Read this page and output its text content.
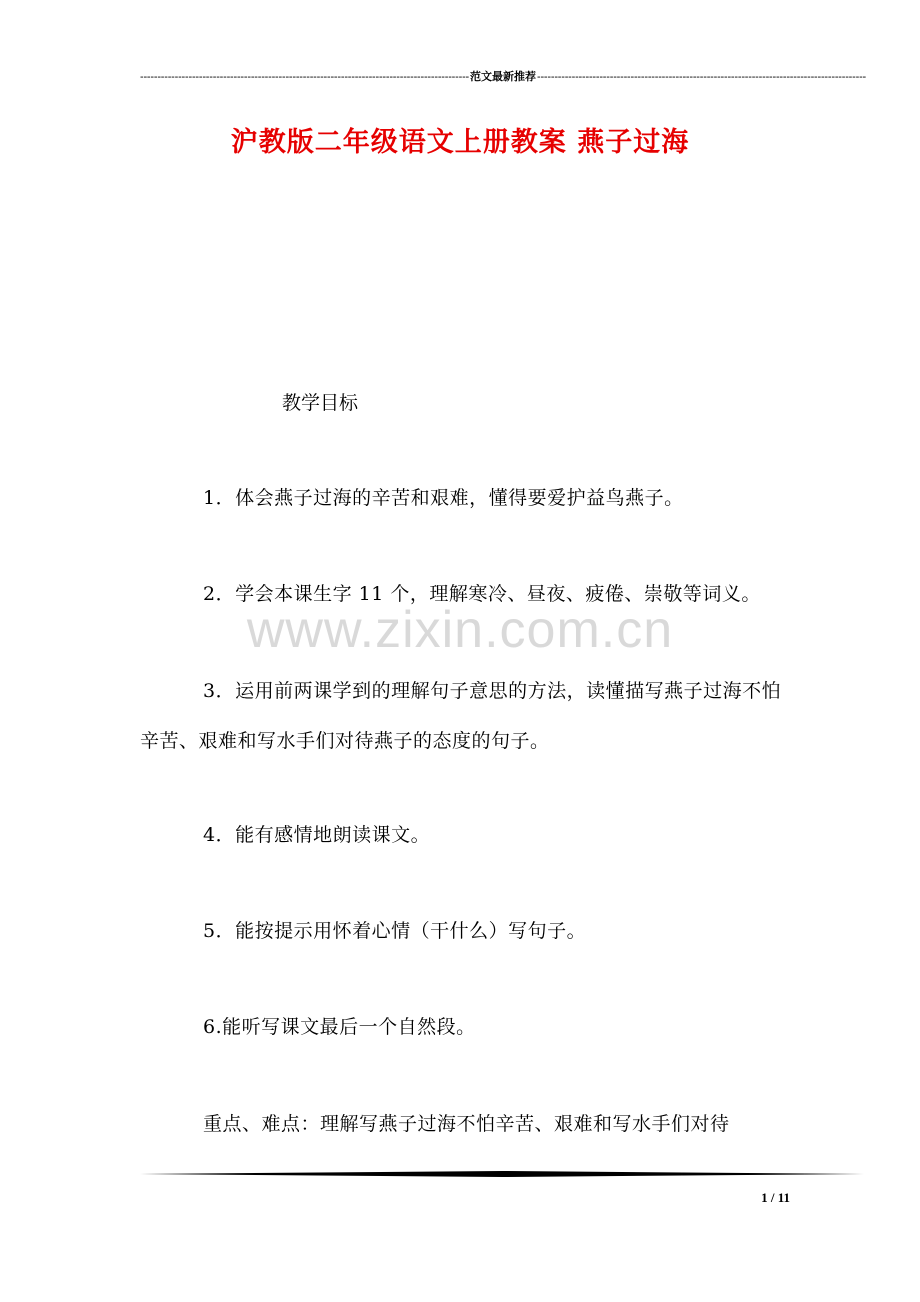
----------------------------------------------------------------------------------------------- 范文最新推荐 -----------------------------------------------------------------------------------------------
沪教版二年级语文上册教案 燕子过海
www.zixin.com.cn
教学目标
1．体会燕子过海的辛苦和艰难，懂得要爱护益鸟燕子。
2．学会本课生字 11 个，理解寒冷、昼夜、疲倦、崇敬等词义。
3．运用前两课学到的理解句子意思的方法，读懂描写燕子过海不怕辛苦、艰难和写水手们对待燕子的态度的句子。
4．能有感情地朗读课文。
5．能按提示用怀着心情（干什么）写句子。
6.能听写课文最后一个自然段。
重点、难点：理解写燕子过海不怕辛苦、艰难和写水手们对待
1 / 11
